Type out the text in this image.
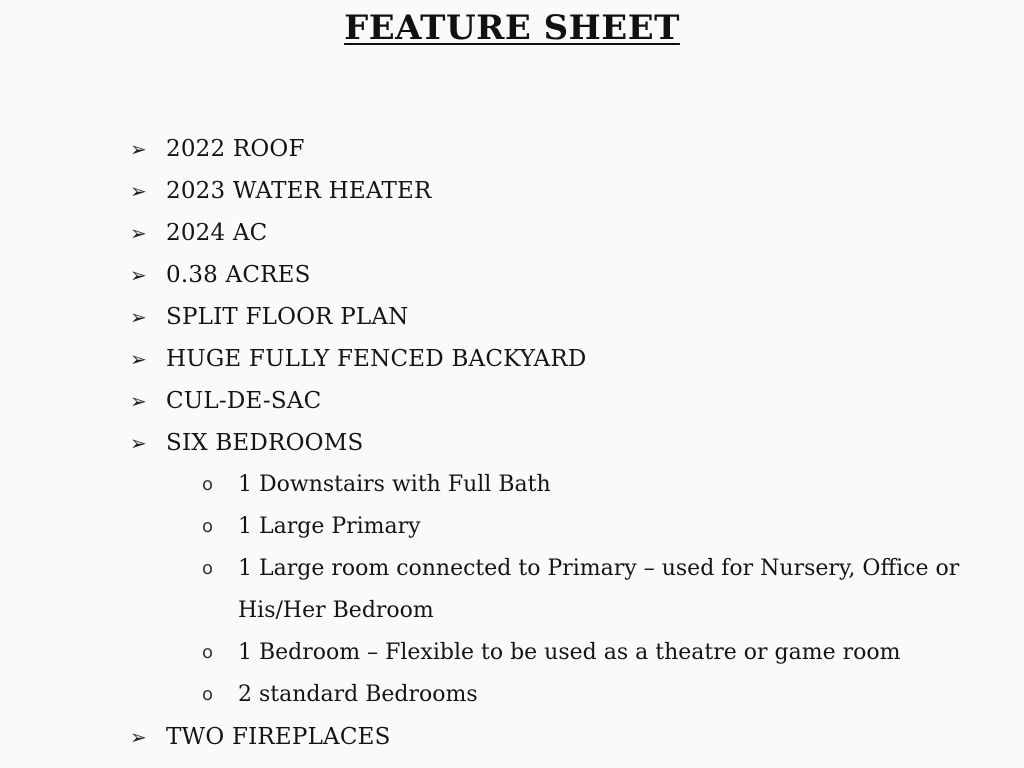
FEATURE SHEET
➢ 2022 ROOF
➢ 2023 WATER HEATER
➢ 2024 AC
➢ 0.38 ACRES
➢ SPLIT FLOOR PLAN
➢ HUGE FULLY FENCED BACKYARD
➢ CUL-DE-SAC
➢ SIX BEDROOMS
o 1 Downstairs with Full Bath
o 1 Large Primary
o 1 Large room connected to Primary – used for Nursery, Office or His/Her Bedroom
o 1 Bedroom – Flexible to be used as a theatre or game room
o 2 standard Bedrooms
➢ TWO FIREPLACES
